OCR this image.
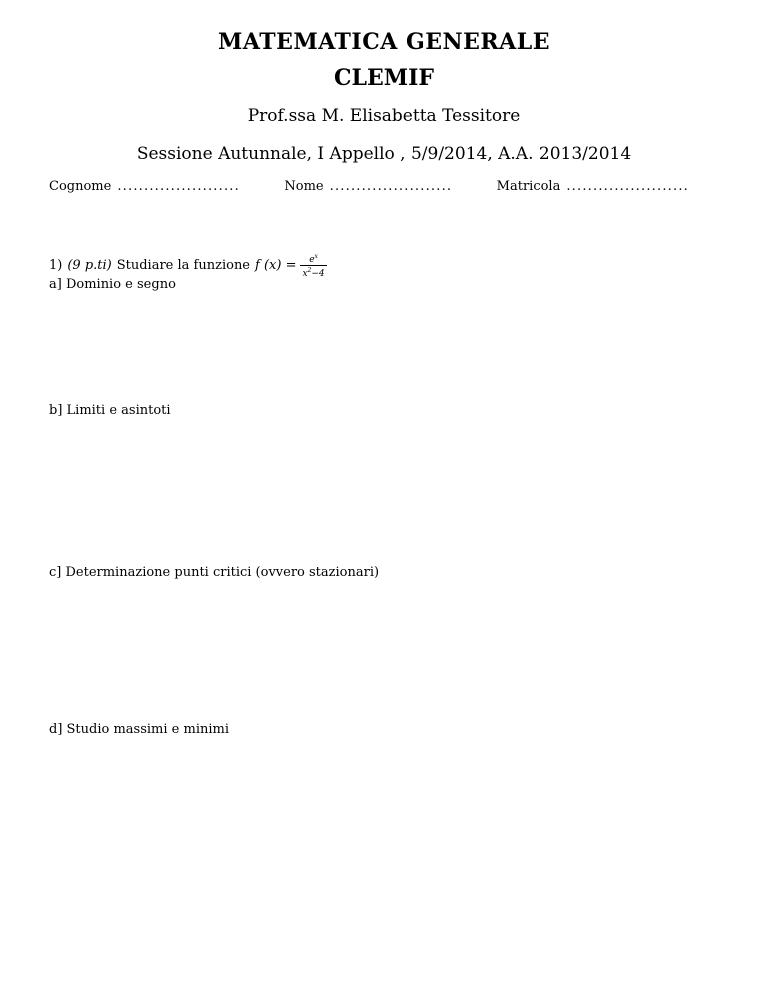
MATEMATICA GENERALE
CLEMIF
Prof.ssa M. Elisabetta Tessitore
Sessione Autunnale, I Appello , 5/9/2014, A.A. 2013/2014
Cognome .......................	Nome .......................	Matricola .......................
1) (9 p.ti) Studiare la funzione f $(x) = \frac{e^x}{x^2-4}$
a] Dominio e segno
b] Limiti e asintoti
c] Determinazione punti critici (ovvero stazionari)
d] Studio massimi e minimi
